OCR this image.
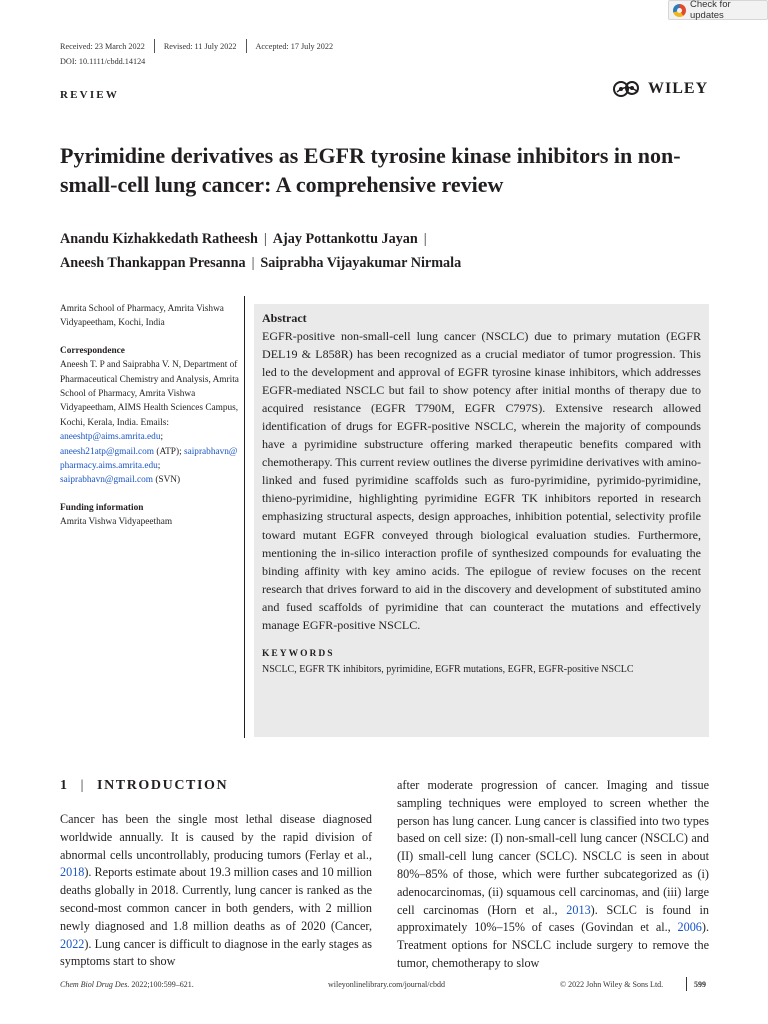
Check for updates
Received: 23 March 2022 Revised: 11 July 2022 Accepted: 17 July 2022
DOI: 10.1111/cbdd.14124
REVIEW	WILEY
Pyrimidine derivatives as EGFR tyrosine kinase inhibitors in non-small-cell lung cancer: A comprehensive review
Anandu Kizhakkedath Ratheesh | Ajay Pottankottu Jayan |
Aneesh Thankappan Presanna | Saiprabha Vijayakumar Nirmala
Amrita School of Pharmacy, Amrita Vishwa Vidyapeetham, Kochi, India
Correspondence
Aneesh T. P and Saiprabha V. N, Department of Pharmaceutical Chemistry and Analysis, Amrita School of Pharmacy, Amrita Vishwa Vidyapeetham, AIMS Health Sciences Campus, Kochi, Kerala, India. Emails: aneeshtp@aims.amrita.edu; aneesh21atp@gmail.com (ATP); saiprabhavn@pharmacy.aims.amrita.edu; saiprabhavn@gmail.com (SVN)
Funding information
Amrita Vishwa Vidyapeetham
Abstract
EGFR-positive non-small-cell lung cancer (NSCLC) due to primary mutation (EGFR DEL19 & L858R) has been recognized as a crucial mediator of tumor progression. This led to the development and approval of EGFR tyrosine kinase inhibitors, which addresses EGFR-mediated NSCLC but fail to show potency after initial months of therapy due to acquired resistance (EGFR T790M, EGFR C797S). Extensive research allowed identification of drugs for EGFR-positive NSCLC, wherein the majority of compounds have a pyrimidine substructure offering marked therapeutic benefits compared with chemotherapy. This current review outlines the diverse pyrimidine derivatives with amino-linked and fused pyrimidine scaffolds such as furo-pyrimidine, pyrimido-pyrimidine, thieno-pyrimidine, highlighting pyrimidine EGFR TK inhibitors reported in research emphasizing structural aspects, design approaches, inhibition potential, selectivity profile toward mutant EGFR conveyed through biological evaluation studies. Furthermore, mentioning the in-silico interaction profile of synthesized compounds for evaluating the binding affinity with key amino acids. The epilogue of review focuses on the recent research that drives forward to aid in the discovery and development of substituted amino and fused scaffolds of pyrimidine that can counteract the mutations and effectively manage EGFR-positive NSCLC.
KEYWORDS
NSCLC, EGFR TK inhibitors, pyrimidine, EGFR mutations, EGFR, EGFR-positive NSCLC
1 | INTRODUCTION
Cancer has been the single most lethal disease diagnosed worldwide annually. It is caused by the rapid division of abnormal cells uncontrollably, producing tumors (Ferlay et al., 2018). Reports estimate about 19.3 million cases and 10 million deaths globally in 2018. Currently, lung cancer is ranked as the second-most common cancer in both genders, with 2 million newly diagnosed and 1.8 million deaths as of 2020 (Cancer, 2022). Lung cancer is difficult to diagnose in the early stages as symptoms start to show
after moderate progression of cancer. Imaging and tissue sampling techniques were employed to screen whether the person has lung cancer. Lung cancer is classified into two types based on cell size: (I) non-small-cell lung cancer (NSCLC) and (II) small-cell lung cancer (SCLC). NSCLC is seen in about 80%–85% of those, which were further subcategorized as (i) adenocarcinomas, (ii) squamous cell carcinomas, and (iii) large cell carcinomas (Horn et al., 2013). SCLC is found in approximately 10%–15% of cases (Govindan et al., 2006). Treatment options for NSCLC include surgery to remove the tumor, chemotherapy to slow
Chem Biol Drug Des. 2022;100:599–621.	wileyonlinelibrary.com/journal/cbdd	© 2022 John Wiley & Sons Ltd.	599
